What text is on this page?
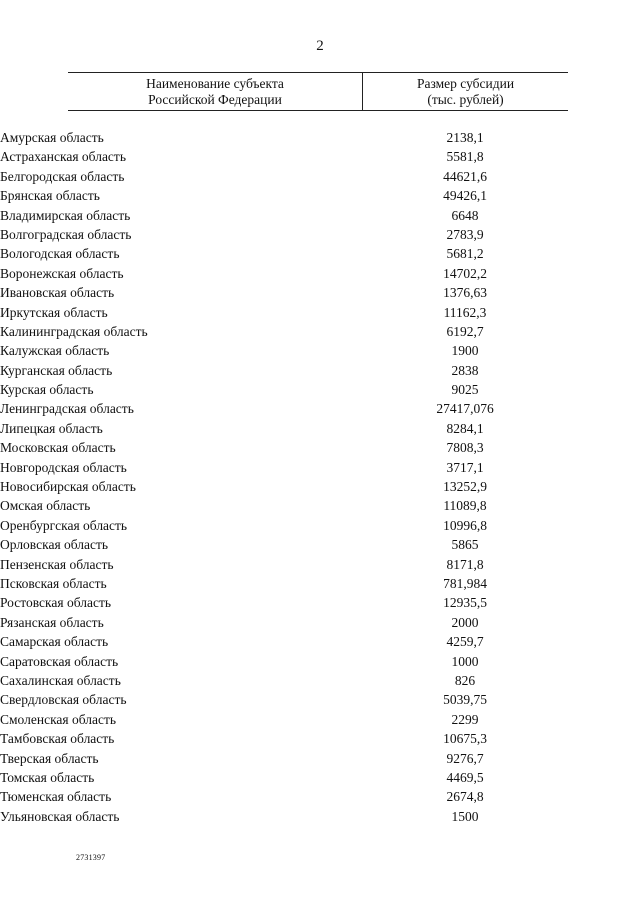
2
Наименование субъекта
Российской Федерации
Размер субсидии
(тыс. рублей)
Амурская область	2138,1
Астраханская область	5581,8
Белгородская область	44621,6
Брянская область	49426,1
Владимирская область	6648
Волгоградская область	2783,9
Вологодская область	5681,2
Воронежская область	14702,2
Ивановская область	1376,63
Иркутская область	11162,3
Калининградская область	6192,7
Калужская область	1900
Курганская область	2838
Курская область	9025
Ленинградская область	27417,076
Липецкая область	8284,1
Московская область	7808,3
Новгородская область	3717,1
Новосибирская область	13252,9
Омская область	11089,8
Оренбургская область	10996,8
Орловская область	5865
Пензенская область	8171,8
Псковская область	781,984
Ростовская область	12935,5
Рязанская область	2000
Самарская область	4259,7
Саратовская область	1000
Сахалинская область	826
Свердловская область	5039,75
Смоленская область	2299
Тамбовская область	10675,3
Тверская область	9276,7
Томская область	4469,5
Тюменская область	2674,8
Ульяновская область	1500
2731397
